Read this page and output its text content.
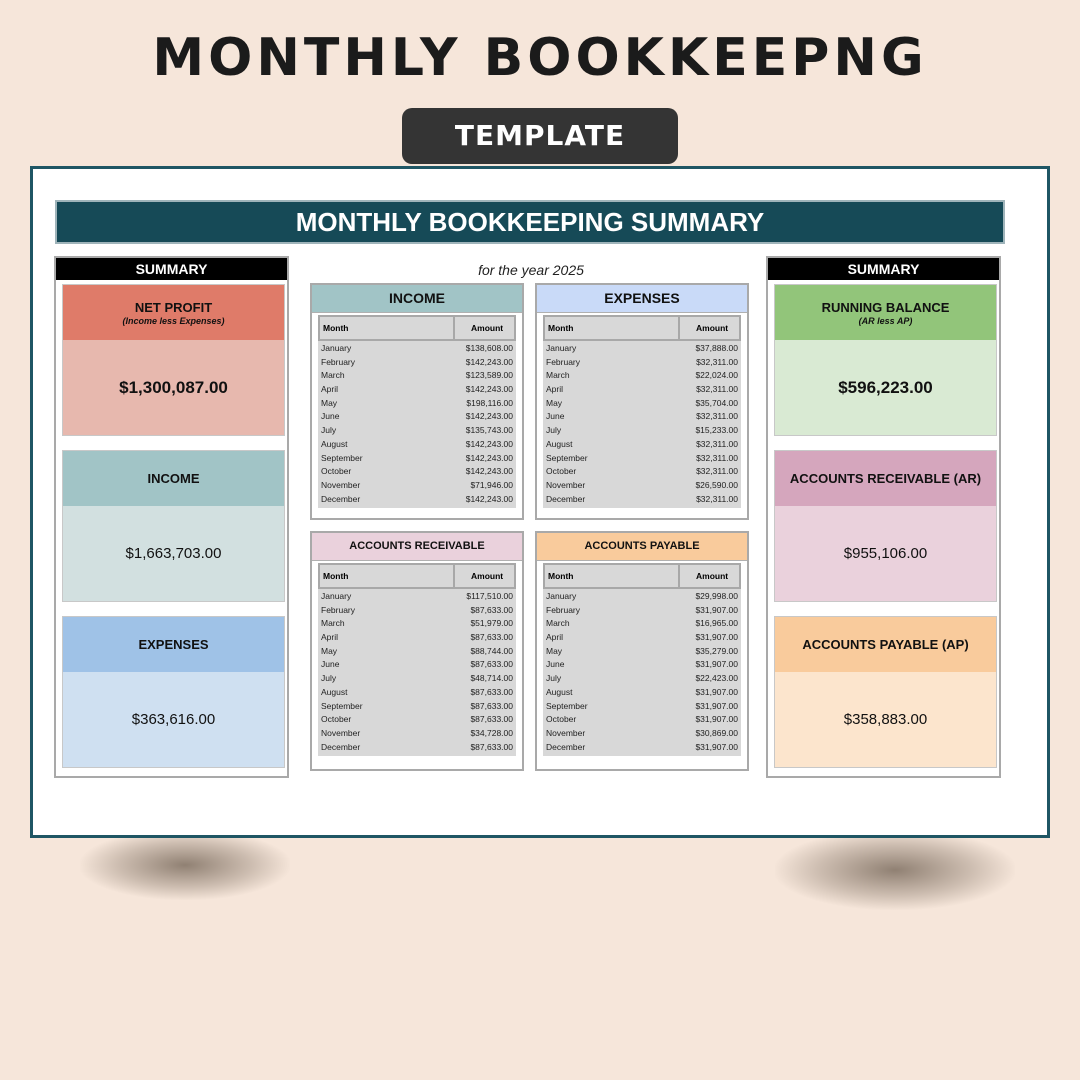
MONTHLY BOOKKEEPNG
TEMPLATE
MONTHLY BOOKKEEPING SUMMARY
for the year 2025
SUMMARY
NET PROFIT
(Income less Expenses)
$1,300,087.00
INCOME
$1,663,703.00
EXPENSES
$363,616.00
INCOME
Month	Amount
January	$138,608.00
February	$142,243.00
March	$123,589.00
April	$142,243.00
May	$198,116.00
June	$142,243.00
July	$135,743.00
August	$142,243.00
September	$142,243.00
October	$142,243.00
November	$71,946.00
December	$142,243.00
EXPENSES
Month	Amount
January	$37,888.00
February	$32,311.00
March	$22,024.00
April	$32,311.00
May	$35,704.00
June	$32,311.00
July	$15,233.00
August	$32,311.00
September	$32,311.00
October	$32,311.00
November	$26,590.00
December	$32,311.00
ACCOUNTS RECEIVABLE
Month	Amount
January	$117,510.00
February	$87,633.00
March	$51,979.00
April	$87,633.00
May	$88,744.00
June	$87,633.00
July	$48,714.00
August	$87,633.00
September	$87,633.00
October	$87,633.00
November	$34,728.00
December	$87,633.00
ACCOUNTS PAYABLE
Month	Amount
January	$29,998.00
February	$31,907.00
March	$16,965.00
April	$31,907.00
May	$35,279.00
June	$31,907.00
July	$22,423.00
August	$31,907.00
September	$31,907.00
October	$31,907.00
November	$30,869.00
December	$31,907.00
SUMMARY
RUNNING BALANCE
(AR less AP)
$596,223.00
ACCOUNTS RECEIVABLE (AR)
$955,106.00
ACCOUNTS PAYABLE (AP)
$358,883.00
